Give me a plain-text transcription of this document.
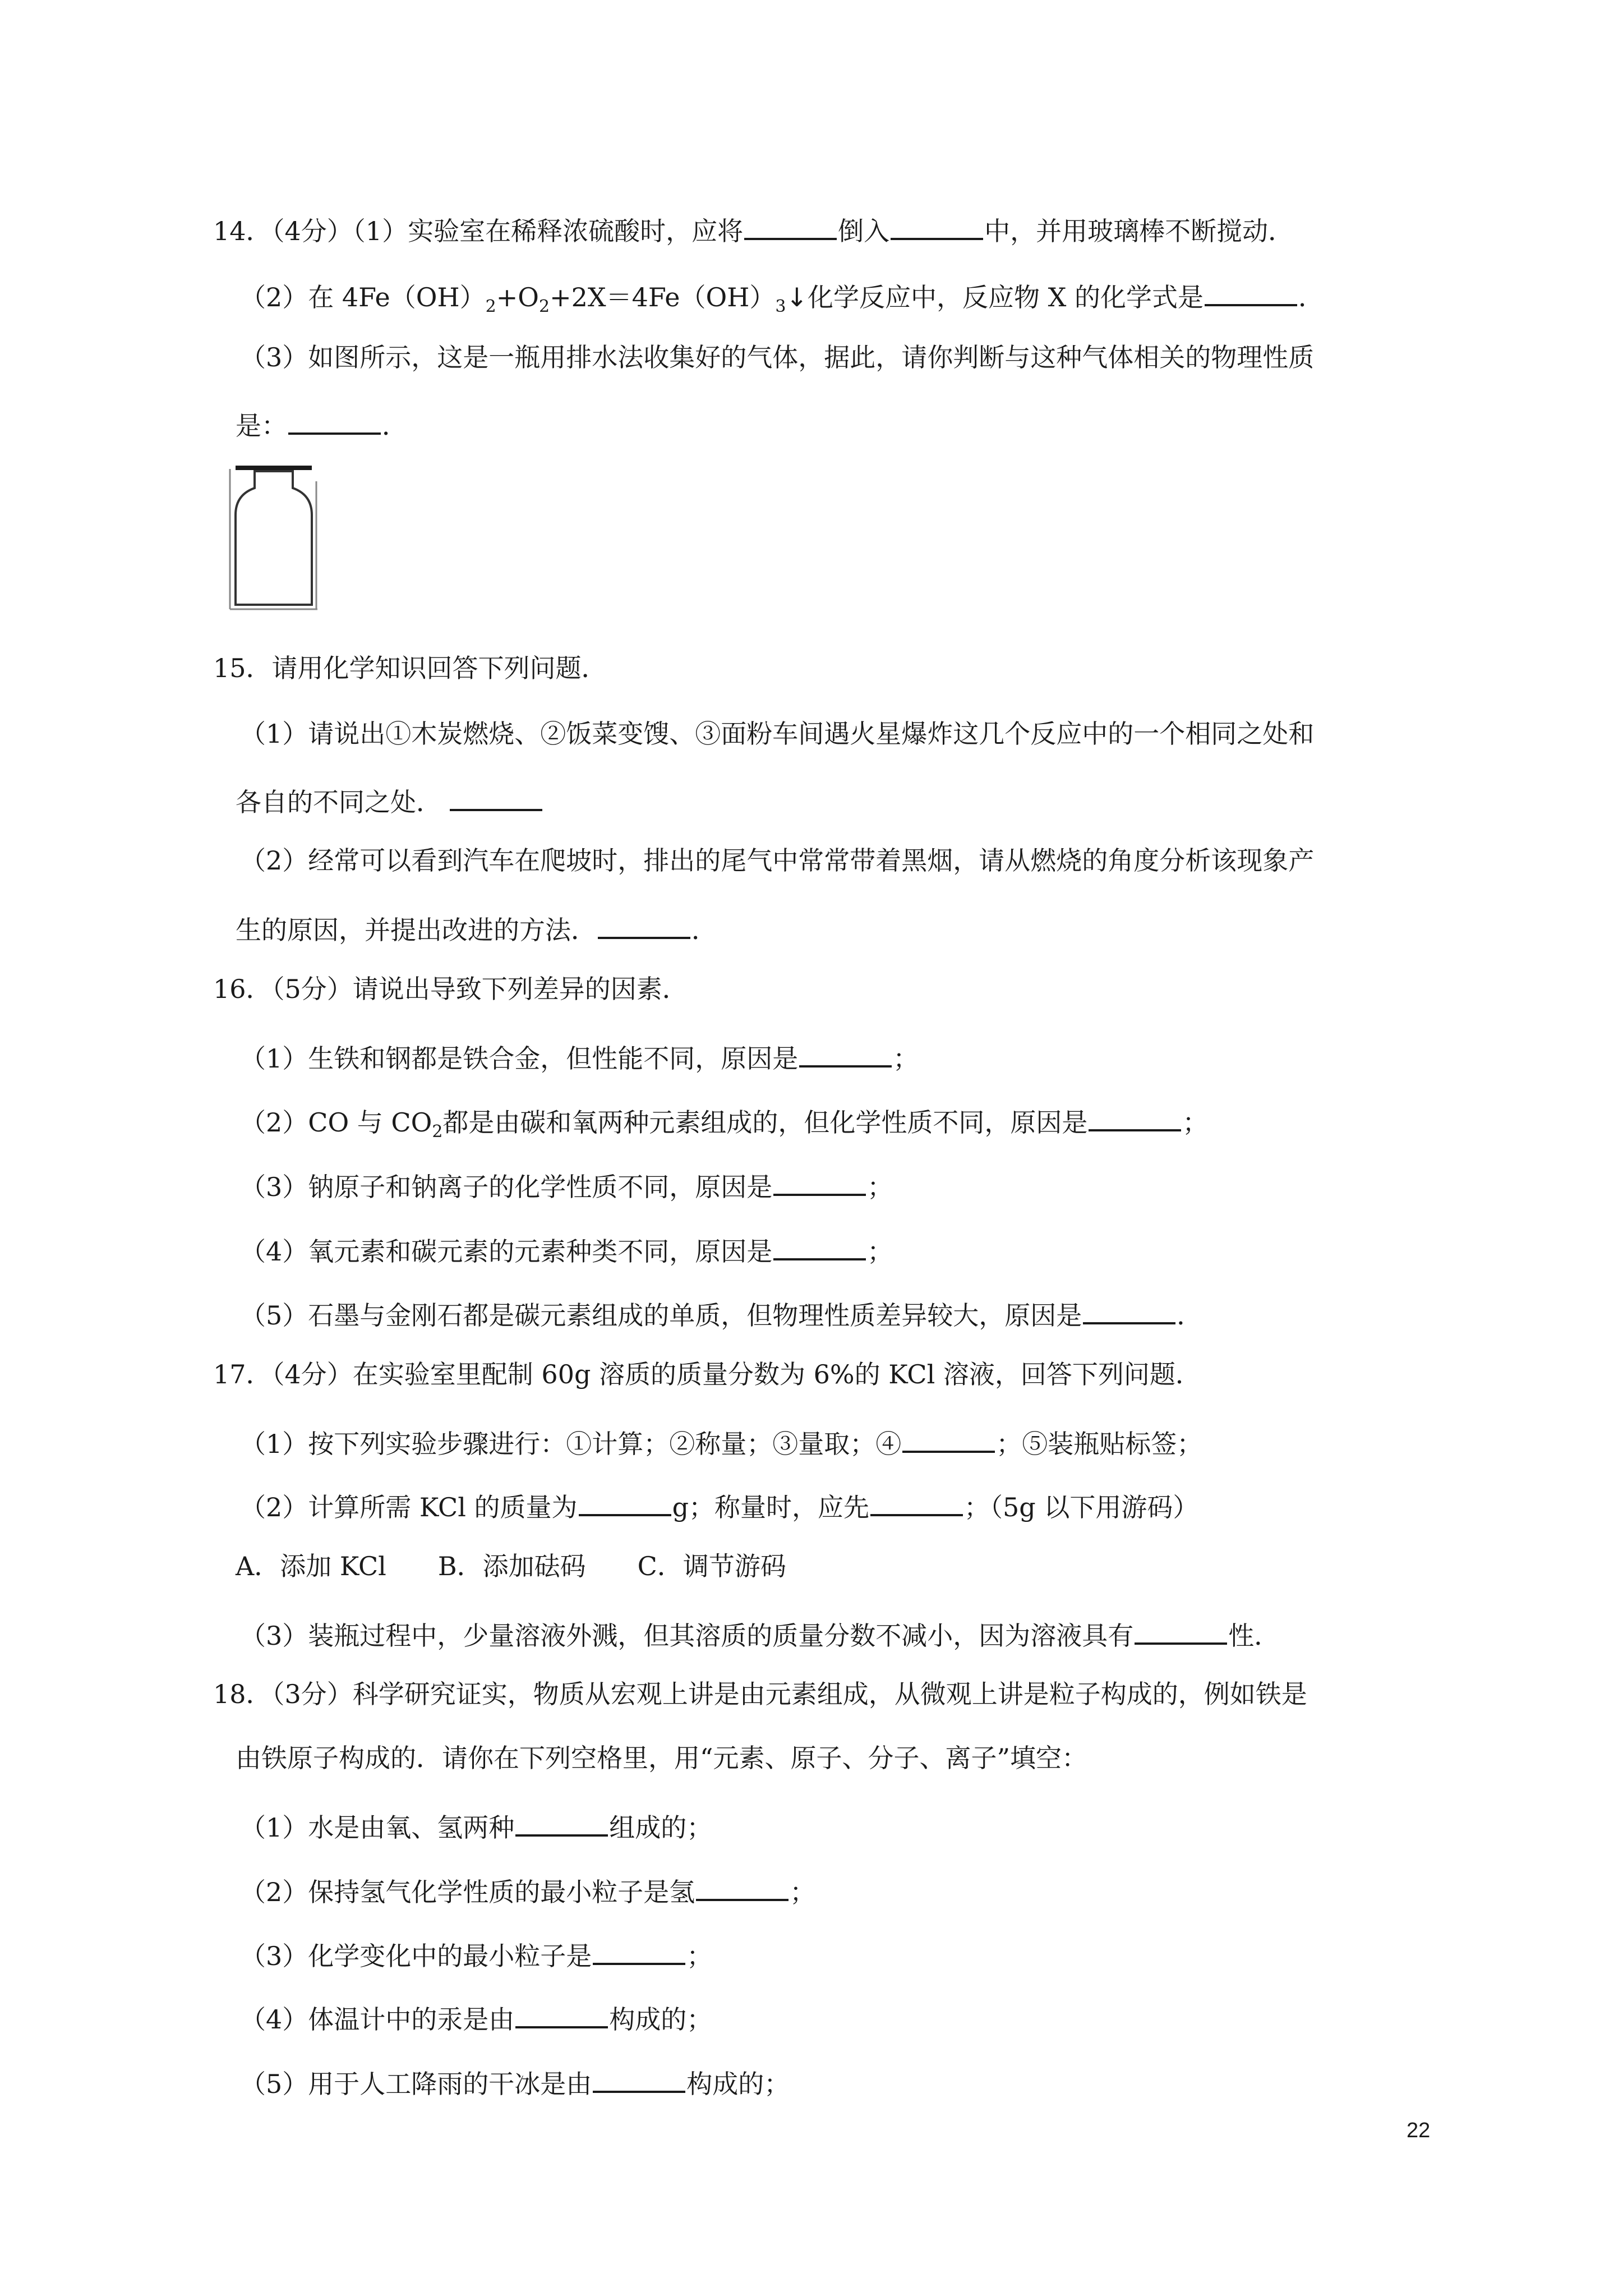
14．（4分）（1）实验室在稀释浓硫酸时，应将	倒入	中，并用玻璃棒不断搅动．
（2）在 $4Fe(OH)_2+O_2+2X=4Fe(OH)_3↓$化学反应中，反应物 X 的化学式是	．
（3）如图所示，这是一瓶用排水法收集好的气体，据此，请你判断与这种气体相关的物理性质
是：	．
15．请用化学知识回答下列问题．
（1）请说出①木炭燃烧、②饭菜变馊、③面粉车间遇火星爆炸这几个反应中的一个相同之处和
各自的不同之处．
（2）经常可以看到汽车在爬坡时，排出的尾气中常常带着黑烟，请从燃烧的角度分析该现象产
生的原因，并提出改进的方法．	．
16．（5分）请说出导致下列差异的因素．
（1）生铁和钢都是铁合金，但性能不同，原因是	；
（2）CO 与 $CO_2$都是由碳和氧两种元素组成的，但化学性质不同，原因是	；
（3）钠原子和钠离子的化学性质不同，原因是	；
（4）氧元素和碳元素的元素种类不同，原因是	；
（5）石墨与金刚石都是碳元素组成的单质，但物理性质差异较大，原因是	．
17．（4分）在实验室里配制 60g 溶质的质量分数为 6%的 KCl 溶液，回答下列问题．
（1）按下列实验步骤进行：①计算；②称量；③量取；④	；⑤装瓶贴标签；
（2）计算所需 KCl 的质量为	g；称量时，应先	；（5g 以下用游码）
A．添加 KCl　　B．添加砝码　　C．调节游码
（3）装瓶过程中，少量溶液外溅，但其溶质的质量分数不减小，因为溶液具有	性．
18．（3分）科学研究证实，物质从宏观上讲是由元素组成，从微观上讲是粒子构成的，例如铁是
由铁原子构成的．请你在下列空格里，用“元素、原子、分子、离子”填空：
（1）水是由氧、氢两种	组成的；
（2）保持氢气化学性质的最小粒子是氢	；
（3）化学变化中的最小粒子是	；
（4）体温计中的汞是由	构成的；
（5）用于人工降雨的干冰是由	构成的；
22
